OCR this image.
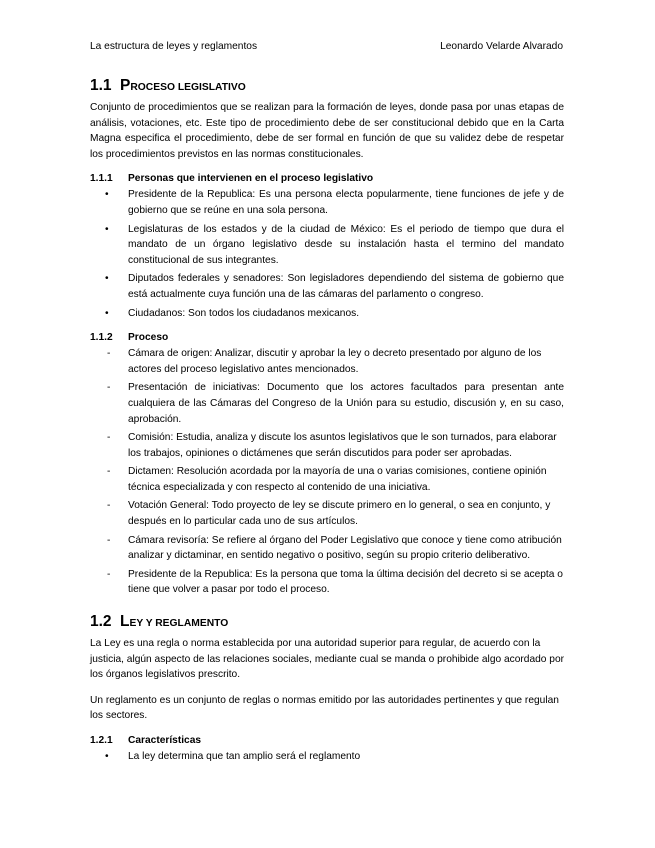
La estructura de leyes y reglamentos	Leonardo Velarde Alvarado
1.1 PROCESO LEGISLATIVO

Conjunto de procedimientos que se realizan para la formación de leyes, donde pasa por unas etapas de análisis, votaciones, etc. Este tipo de procedimiento debe de ser constitucional debido que en la Carta Magna especifica el procedimiento, debe de ser formal en función de que su validez debe de respetar los procedimientos previstos en las normas constitucionales.

1.1.1 Personas que intervienen en el proceso legislativo
• Presidente de la Republica: Es una persona electa popularmente, tiene funciones de jefe y de gobierno que se reúne en una sola persona.
• Legislaturas de los estados y de la ciudad de México: Es el periodo de tiempo que dura el mandato de un órgano legislativo desde su instalación hasta el termino del mandato constitucional de sus integrantes.
• Diputados federales y senadores: Son legisladores dependiendo del sistema de gobierno que está actualmente cuya función una de las cámaras del parlamento o congreso.
• Ciudadanos: Son todos los ciudadanos mexicanos.
1.1.2 Proceso
- Cámara de origen: Analizar, discutir y aprobar la ley o decreto presentado por alguno de los actores del proceso legislativo antes mencionados.
- Presentación de iniciativas: Documento que los actores facultados para presentan ante cualquiera de las Cámaras del Congreso de la Unión para su estudio, discusión y, en su caso, aprobación.
- Comisión: Estudia, analiza y discute los asuntos legislativos que le son turnados, para elaborar los trabajos, opiniones o dictámenes que serán discutidos para poder ser aprobadas.
- Dictamen: Resolución acordada por la mayoría de una o varias comisiones, contiene opinión técnica especializada y con respecto al contenido de una iniciativa.
- Votación General: Todo proyecto de ley se discute primero en lo general, o sea en conjunto, y después en lo particular cada uno de sus artículos.
- Cámara revisoría: Se refiere al órgano del Poder Legislativo que conoce y tiene como atribución analizar y dictaminar, en sentido negativo o positivo, según su propio criterio deliberativo.
- Presidente de la Republica: Es la persona que toma la última decisión del decreto si se acepta o tiene que volver a pasar por todo el proceso.
1.2 LEY Y REGLAMENTO

La Ley es una regla o norma establecida por una autoridad superior para regular, de acuerdo con la justicia, algún aspecto de las relaciones sociales, mediante cual se manda o prohibide algo acordado por los órganos legislativos prescrito.

Un reglamento es un conjunto de reglas o normas emitido por las autoridades pertinentes y que regulan los sectores.

1.2.1 Características
• La ley determina que tan amplio será el reglamento
